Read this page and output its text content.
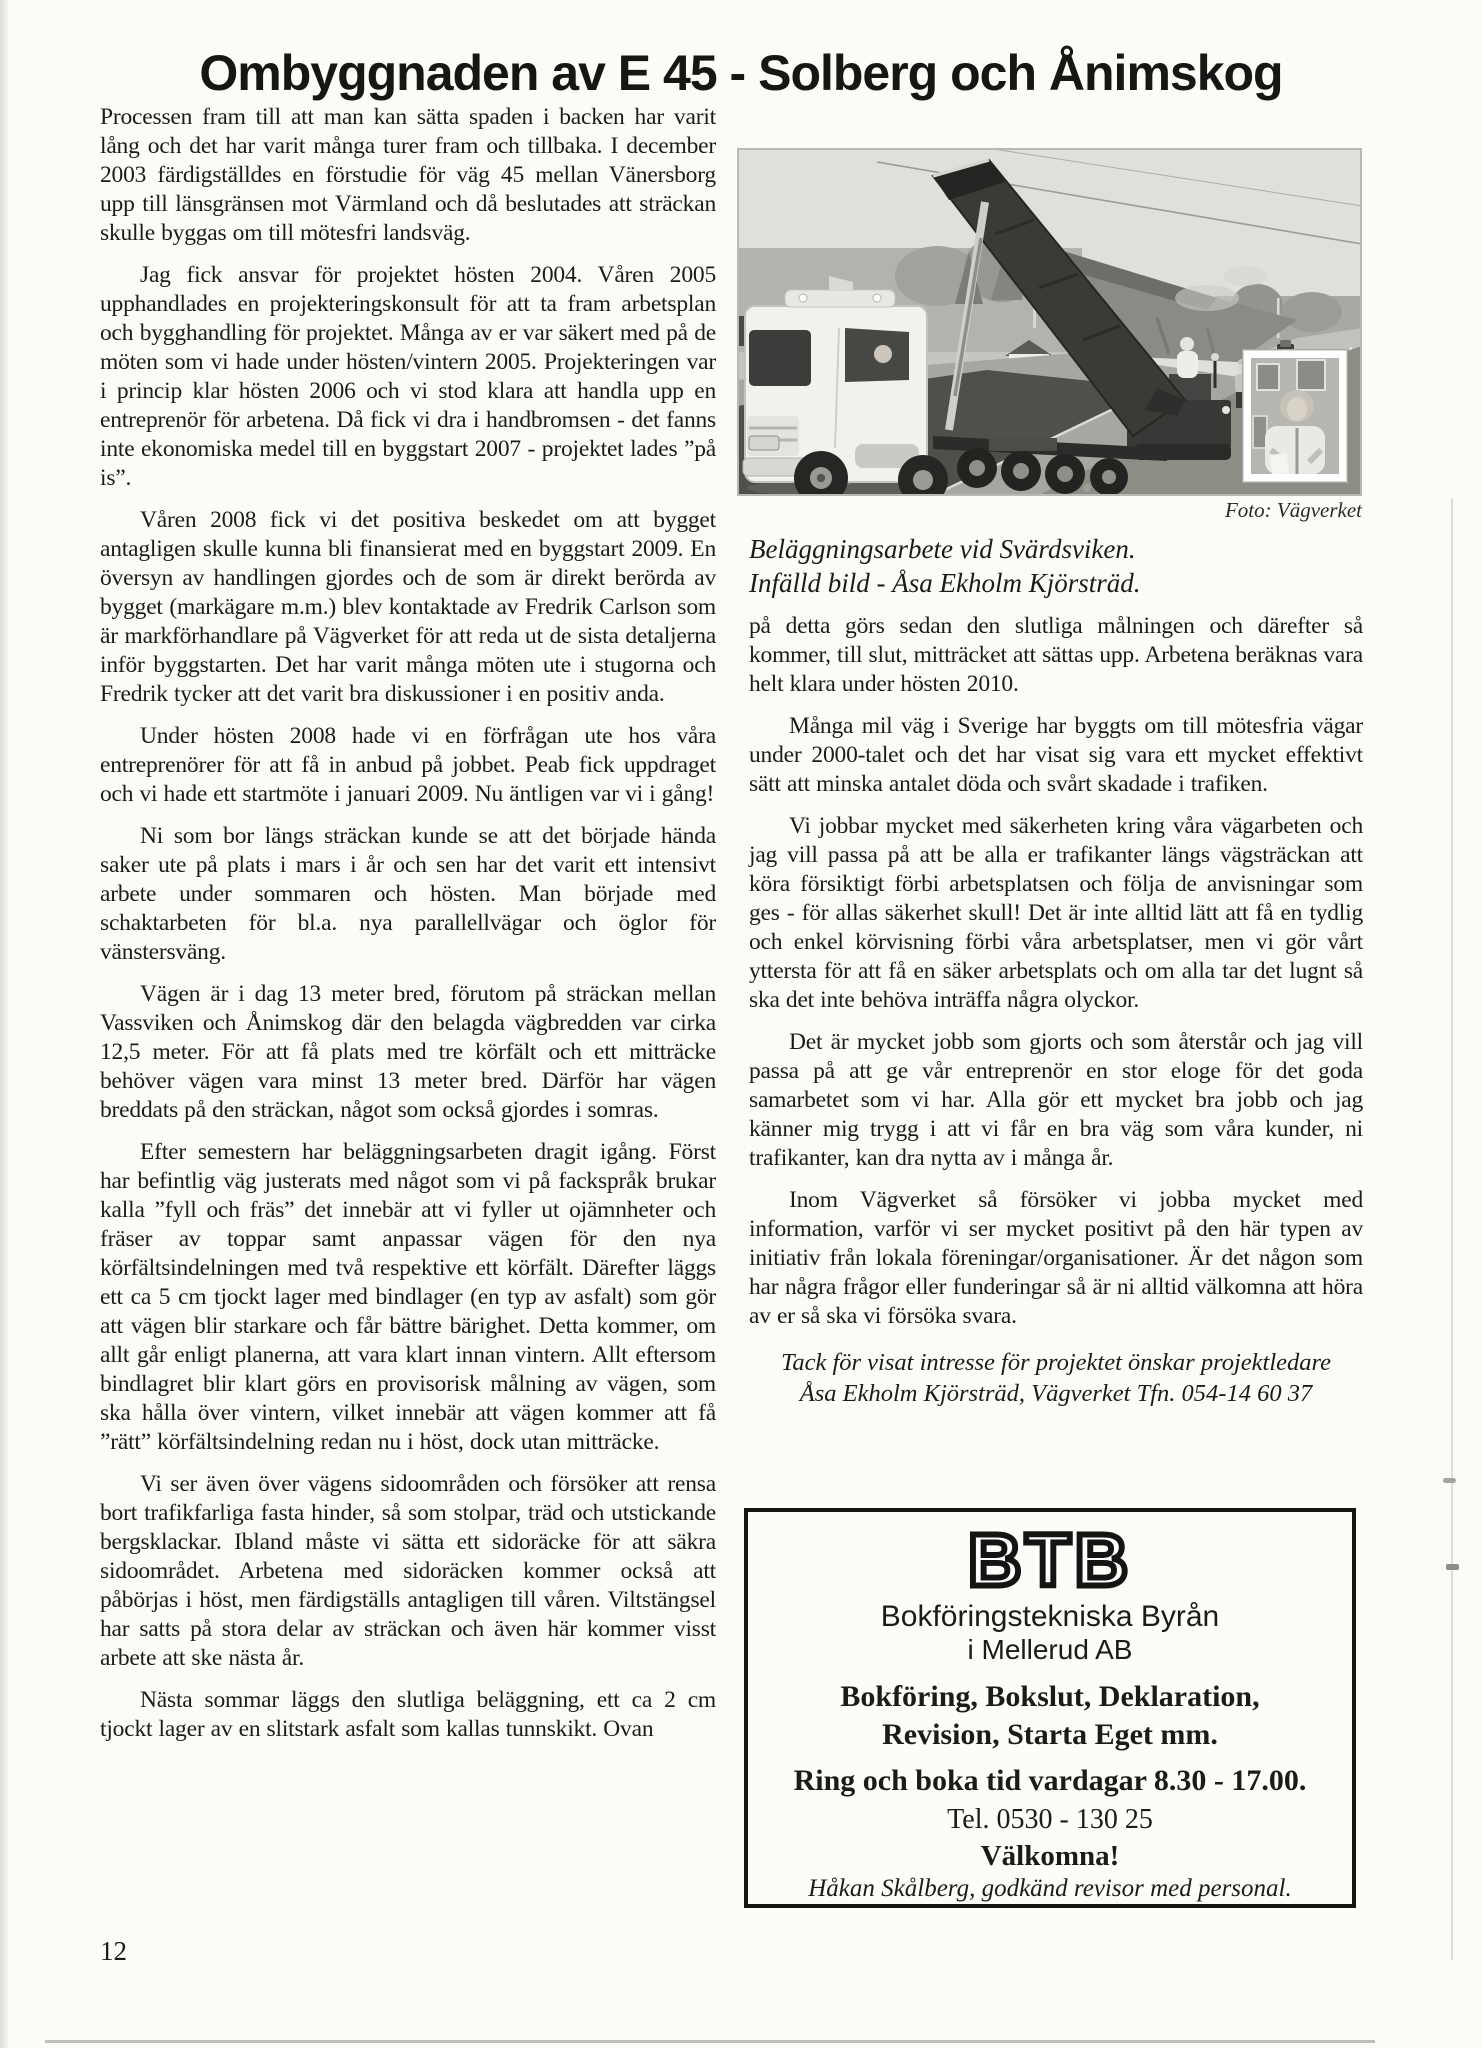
Ombyggnaden av E 45 - Solberg och Ånimskog

Processen fram till att man kan sätta spaden i backen har varit lång och det har varit många turer fram och tillbaka. I december 2003 färdigställdes en förstudie för väg 45 mellan Vänersborg upp till länsgränsen mot Värmland och då beslutades att sträckan skulle byggas om till mötesfri landsväg.

Jag fick ansvar för projektet hösten 2004. Våren 2005 upphandlades en projekteringskonsult för att ta fram arbetsplan och bygghandling för projektet. Många av er var säkert med på de möten som vi hade under hösten/vintern 2005. Projekteringen var i princip klar hösten 2006 och vi stod klara att handla upp en entreprenör för arbetena. Då fick vi dra i handbromsen - det fanns inte ekonomiska medel till en byggstart 2007 - projektet lades ”på is”.

Våren 2008 fick vi det positiva beskedet om att bygget antagligen skulle kunna bli finansierat med en byggstart 2009. En översyn av handlingen gjordes och de som är direkt berörda av bygget (markägare m.m.) blev kontaktade av Fredrik Carlson som är markförhandlare på Vägverket för att reda ut de sista detaljerna inför byggstarten. Det har varit många möten ute i stugorna och Fredrik tycker att det varit bra diskussioner i en positiv anda.

Under hösten 2008 hade vi en förfrågan ute hos våra entreprenörer för att få in anbud på jobbet. Peab fick uppdraget och vi hade ett startmöte i januari 2009. Nu äntligen var vi i gång!

Ni som bor längs sträckan kunde se att det började hända saker ute på plats i mars i år och sen har det varit ett intensivt arbete under sommaren och hösten. Man började med schaktarbeten för bl.a. nya parallellvägar och öglor för vänstersväng.

Vägen är i dag 13 meter bred, förutom på sträckan mellan Vassviken och Ånimskog där den belagda vägbredden var cirka 12,5 meter. För att få plats med tre körfält och ett mitträcke behöver vägen vara minst 13 meter bred. Därför har vägen breddats på den sträckan, något som också gjordes i somras.

Efter semestern har beläggningsarbeten dragit igång. Först har befintlig väg justerats med något som vi på fackspråk brukar kalla ”fyll och fräs” det innebär att vi fyller ut ojämnheter och fräser av toppar samt anpassar vägen för den nya körfältsindelningen med två respektive ett körfält. Därefter läggs ett ca 5 cm tjockt lager med bindlager (en typ av asfalt) som gör att vägen blir starkare och får bättre bärighet. Detta kommer, om allt går enligt planerna, att vara klart innan vintern. Allt eftersom bindlagret blir klart görs en provisorisk målning av vägen, som ska hålla över vintern, vilket innebär att vägen kommer att få ”rätt” körfältsindelning redan nu i höst, dock utan mitträcke.

Vi ser även över vägens sidoområden och försöker att rensa bort trafikfarliga fasta hinder, så som stolpar, träd och utstickande bergsklackar. Ibland måste vi sätta ett sidoräcke för att säkra sidoområdet. Arbetena med sidoräcken kommer också att påbörjas i höst, men färdigställs antagligen till våren. Viltstängsel har satts på stora delar av sträckan och även här kommer visst arbete att ske nästa år.

Nästa sommar läggs den slutliga beläggning, ett ca 2 cm tjockt lager av en slitstark asfalt som kallas tunnskikt. Ovan

Foto: Vägverket
Beläggningsarbete vid Svärdsviken.
Infälld bild - Åsa Ekholm Kjörsträd.

på detta görs sedan den slutliga målningen och därefter så kommer, till slut, mitträcket att sättas upp. Arbetena beräknas vara helt klara under hösten 2010.

Många mil väg i Sverige har byggts om till mötesfria vägar under 2000-talet och det har visat sig vara ett mycket effektivt sätt att minska antalet döda och svårt skadade i trafiken.

Vi jobbar mycket med säkerheten kring våra vägarbeten och jag vill passa på att be alla er trafikanter längs vägsträckan att köra försiktigt förbi arbetsplatsen och följa de anvisningar som ges - för allas säkerhet skull! Det är inte alltid lätt att få en tydlig och enkel körvisning förbi våra arbetsplatser, men vi gör vårt yttersta för att få en säker arbetsplats och om alla tar det lugnt så ska det inte behöva inträffa några olyckor.

Det är mycket jobb som gjorts och som återstår och jag vill passa på att ge vår entreprenör en stor eloge för det goda samarbetet som vi har. Alla gör ett mycket bra jobb och jag känner mig trygg i att vi får en bra väg som våra kunder, ni trafikanter, kan dra nytta av i många år.

Inom Vägverket så försöker vi jobba mycket med information, varför vi ser mycket positivt på den här typen av initiativ från lokala föreningar/organisationer. Är det någon som har några frågor eller funderingar så är ni alltid välkomna att höra av er så ska vi försöka svara.

Tack för visat intresse för projektet önskar projektledare
Åsa Ekholm Kjörsträd, Vägverket Tfn. 054-14 60 37
BTB
Bokföringstekniska Byrån
i Mellerud AB
Bokföring, Bokslut, Deklaration,
Revision, Starta Eget mm.
Ring och boka tid vardagar 8.30 - 17.00.
Tel. 0530 - 130 25
Välkomna!
Håkan Skålberg, godkänd revisor med personal.
12
